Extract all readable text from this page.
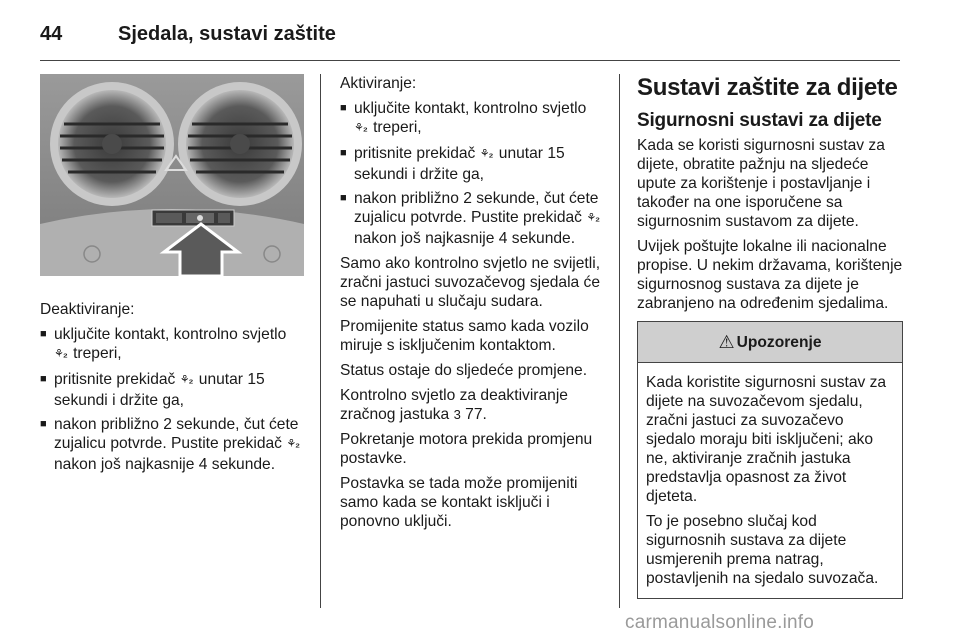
44	Sjedala, sustavi zaštite

Deaktiviranje:

■ uključite kontakt, kontrolno svjetlo
⚘₂ treperi,
■ pritisnite prekidač ⚘₂ unutar 15 sekundi i držite ga,
■ nakon približno 2 sekunde, čut ćete zujalicu potvrde. Pustite prekidač ⚘₂ nakon još najkasnije 4 sekunde.

Aktiviranje:

■ uključite kontakt, kontrolno svjetlo
⚘₂ treperi,
■ pritisnite prekidač ⚘₂ unutar 15 sekundi i držite ga,
■ nakon približno 2 sekunde, čut ćete zujalicu potvrde. Pustite prekidač ⚘₂ nakon još najkasnije 4 sekunde.

Samo ako kontrolno svjetlo ne svijetli, zračni jastuci suvozačevog sjedala će se napuhati u slučaju sudara.

Promijenite status samo kada vozilo miruje s isključenim kontaktom.

Status ostaje do sljedeće promjene.

Kontrolno svjetlo za deaktiviranje zračnog jastuka 3 77.

Pokretanje motora prekida promjenu postavke.

Postavka se tada može promijeniti samo kada se kontakt isključi i ponovno uključi.

Sustavi zaštite za dijete
Sigurnosni sustavi za dijete

Kada se koristi sigurnosni sustav za dijete, obratite pažnju na sljedeće upute za korištenje i postavljanje i također na one isporučene sa sigurnosnim sustavom za dijete.

Uvijek poštujte lokalne ili nacionalne propise. U nekim državama, korištenje sigurnosnog sustava za dijete je zabranjeno na određenim sjedalima.

⚠ Upozorenje

Kada koristite sigurnosni sustav za dijete na suvozačevom sjedalu, zračni jastuci za suvozačevo sjedalo moraju biti isključeni; ako ne, aktiviranje zračnih jastuka predstavlja opasnost za život djeteta.

To je posebno slučaj kod sigurnosnih sustava za dijete usmjerenih prema natrag, postavljenih na sjedalo suvozača.

carmanualsonline.info
